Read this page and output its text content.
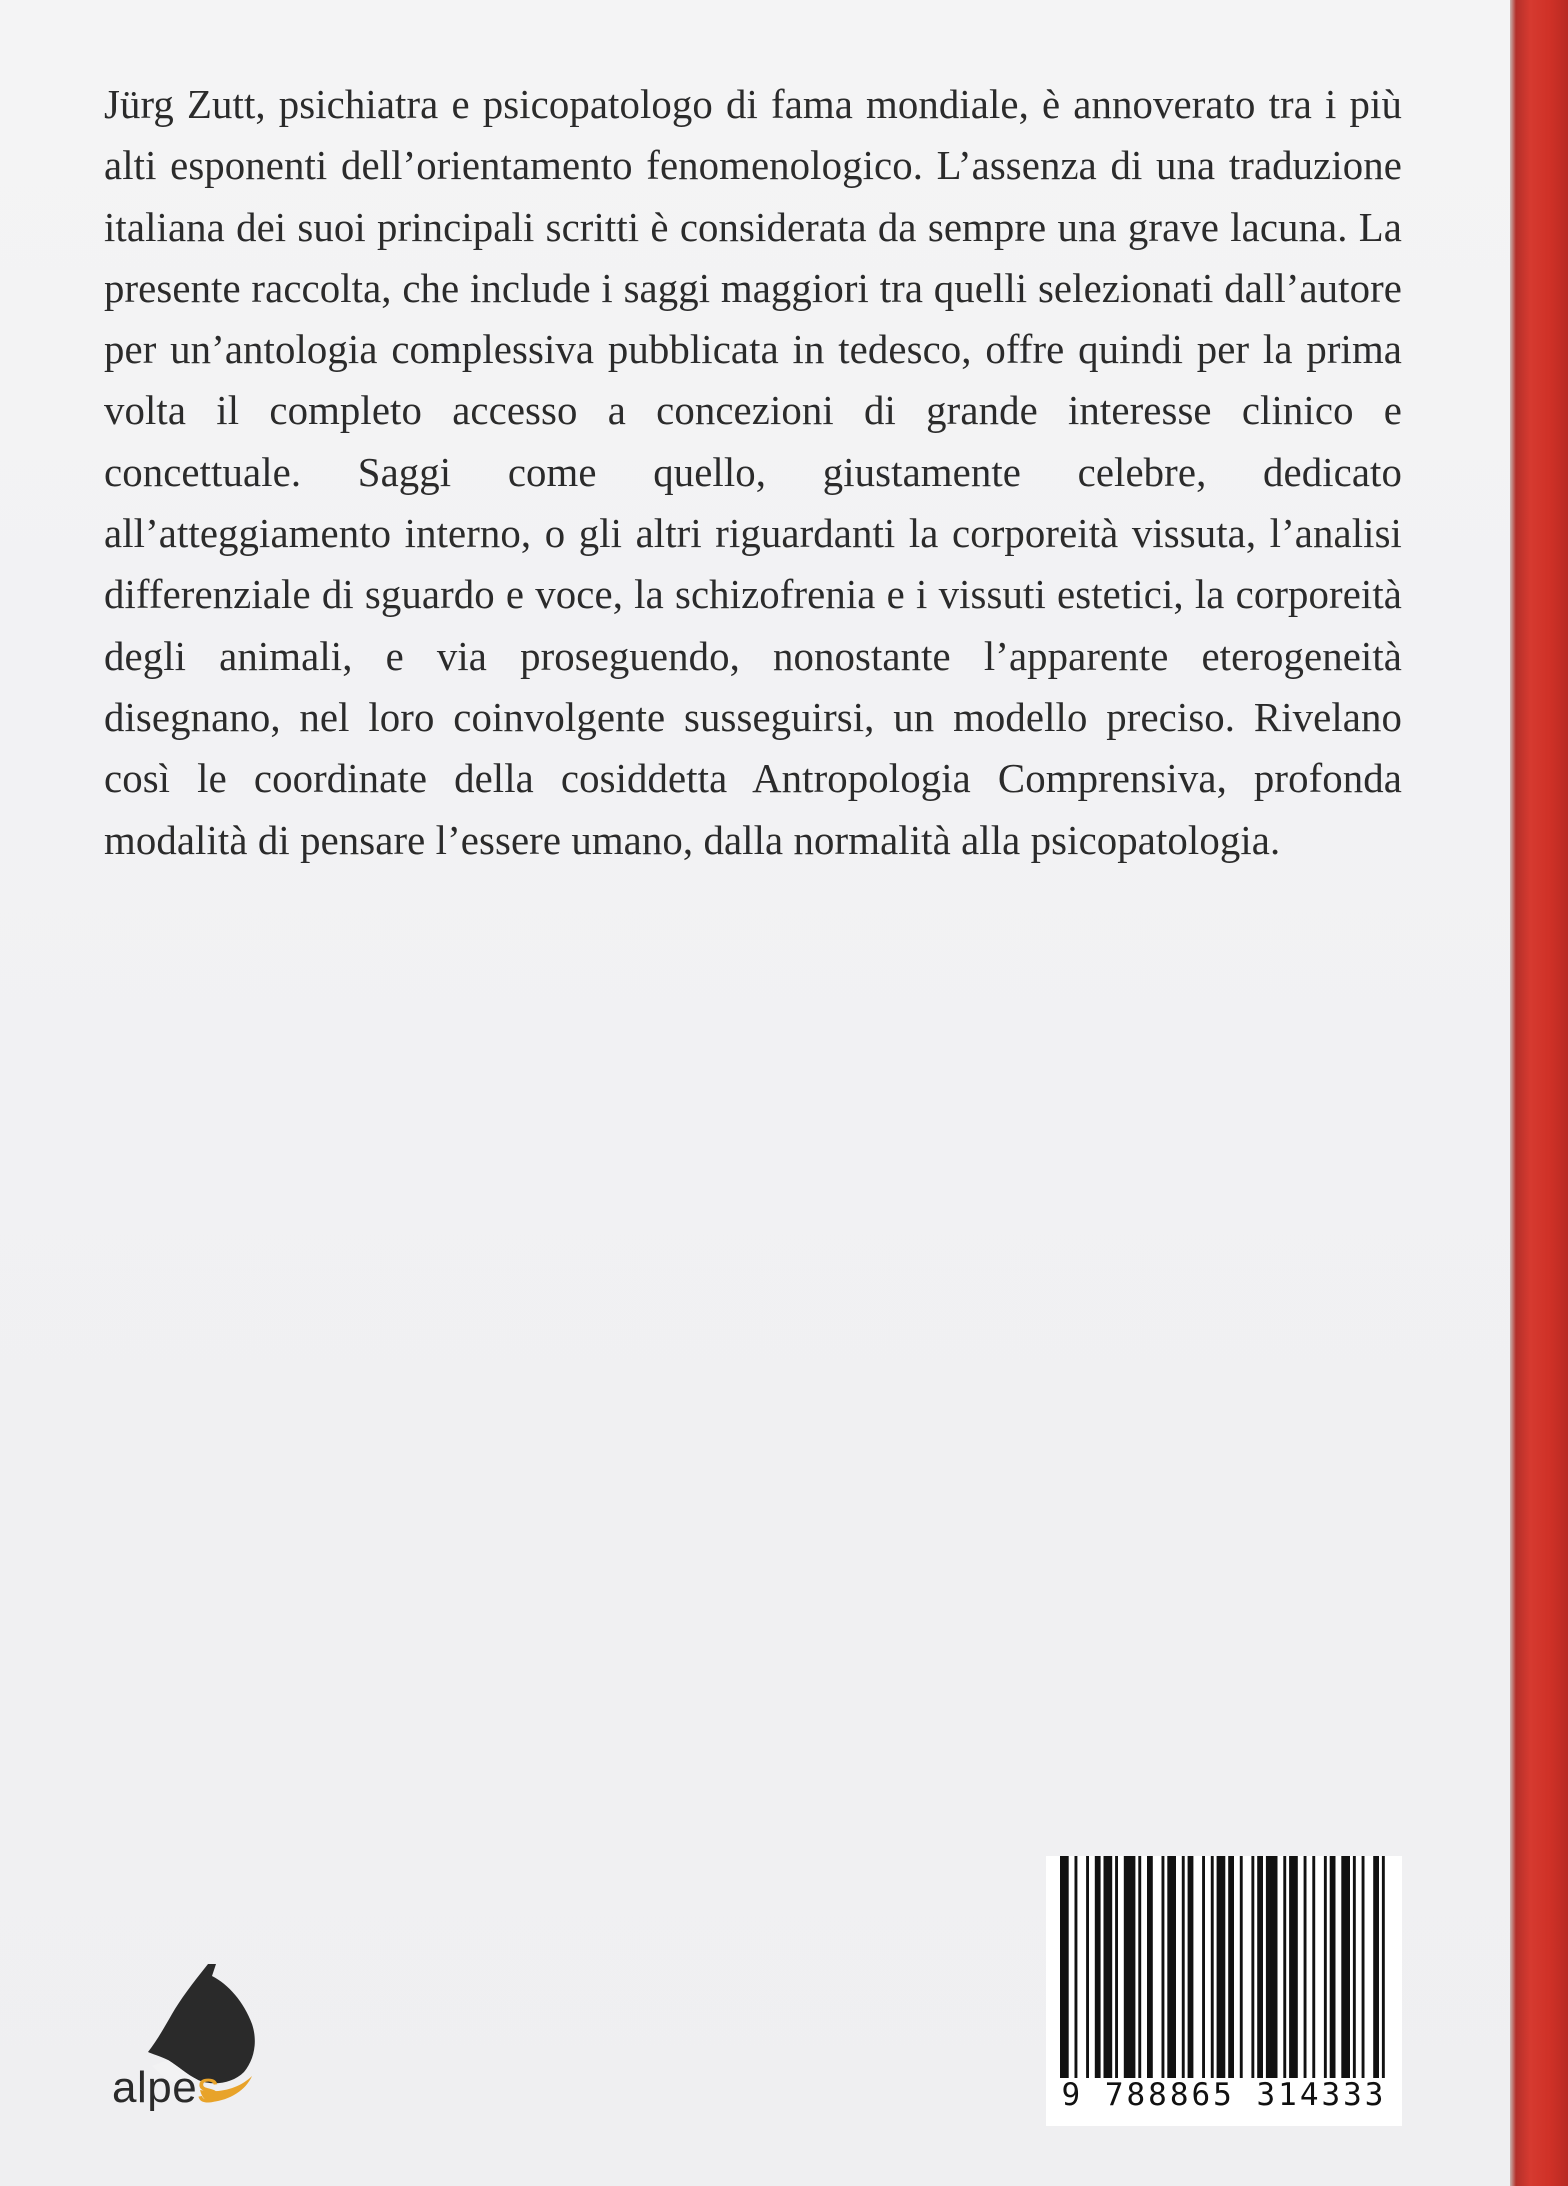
Jürg Zutt, psichiatra e psicopatologo di fama mondiale, è annoverato tra i più alti esponenti dell’orientamento fenomenologico. L’assenza di una traduzione italiana dei suoi principali scritti è considerata da sempre una grave lacuna. La presente raccolta, che include i saggi maggiori tra quelli selezionati dall’autore per un’antologia complessiva pubblicata in tedesco, offre quindi per la prima volta il completo accesso a concezioni di grande interesse clinico e concettuale. Saggi come quello, giustamente celebre, dedicato all’atteggiamento interno, o gli altri riguardanti la corporeità vissuta, l’analisi differenziale di sguardo e voce, la schizofrenia e i vissuti estetici, la corporeità degli animali, e via proseguendo, nonostante l’apparente eterogeneità disegnano, nel loro coinvolgente susseguirsi, un modello preciso. Rivelano così le coordinate della cosiddetta Antropologia Comprensiva, profonda modalità di pensare l’essere umano, dalla normalità alla psicopatologia.

alpes	9 788865 314333
